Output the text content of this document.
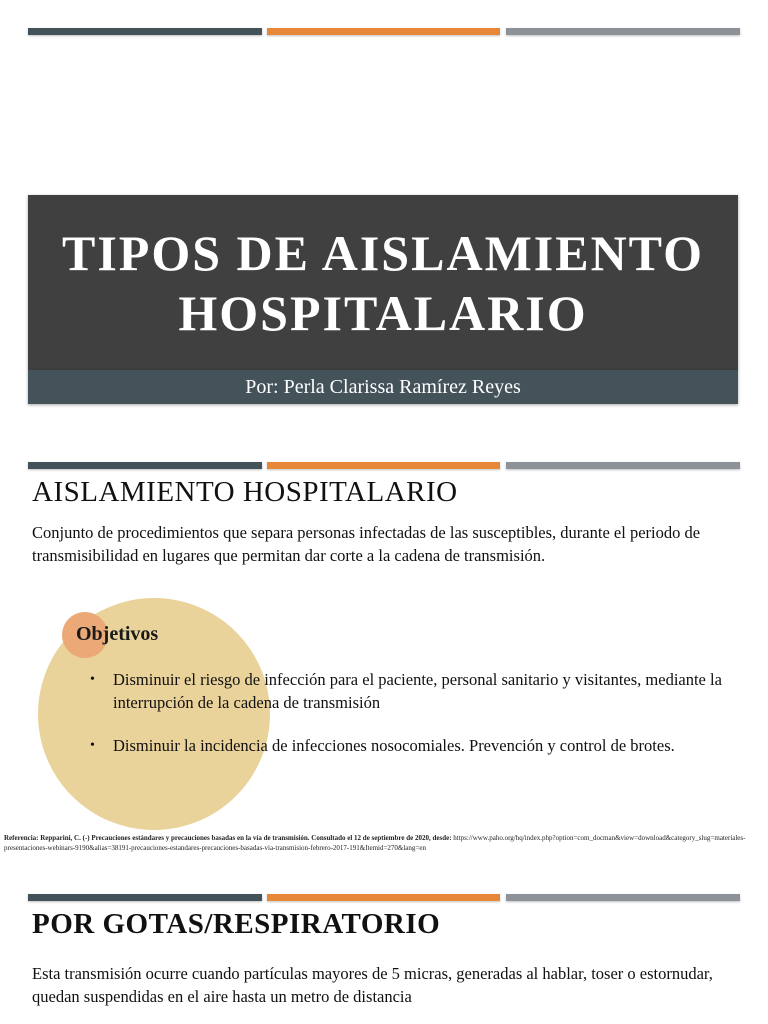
TIPOS DE AISLAMIENTO
HOSPITALARIO
Por: Perla Clarissa Ramírez Reyes
AISLAMIENTO HOSPITALARIO

Conjunto de procedimientos que separa personas infectadas de las susceptibles, durante el periodo de transmisibilidad en lugares que permitan dar corte a la cadena de transmisión.

Objetivos
• Disminuir el riesgo de infección para el paciente, personal sanitario y visitantes, mediante la interrupción de la cadena de transmisión
• Disminuir la incidencia de infecciones nosocomiales. Prevención y control de brotes.

Referencia: Repparini, C. (-) Precauciones estándares y precauciones basadas en la vía de transmisión. Consultado el 12 de septiembre de 2020, desde: https://www.paho.org/hq/index.php?option=com_docman&view=download&category_slug=materiales-presentaciones-webinars-9190&alias=38191-precauciones-estandares-precauciones-basadas-via-transmision-febrero-2017-191&Itemid=270&lang=en

POR GOTAS/RESPIRATORIO

Esta transmisión ocurre cuando partículas mayores de 5 micras, generadas al hablar, toser o estornudar, quedan suspendidas en el aire hasta un metro de distancia
